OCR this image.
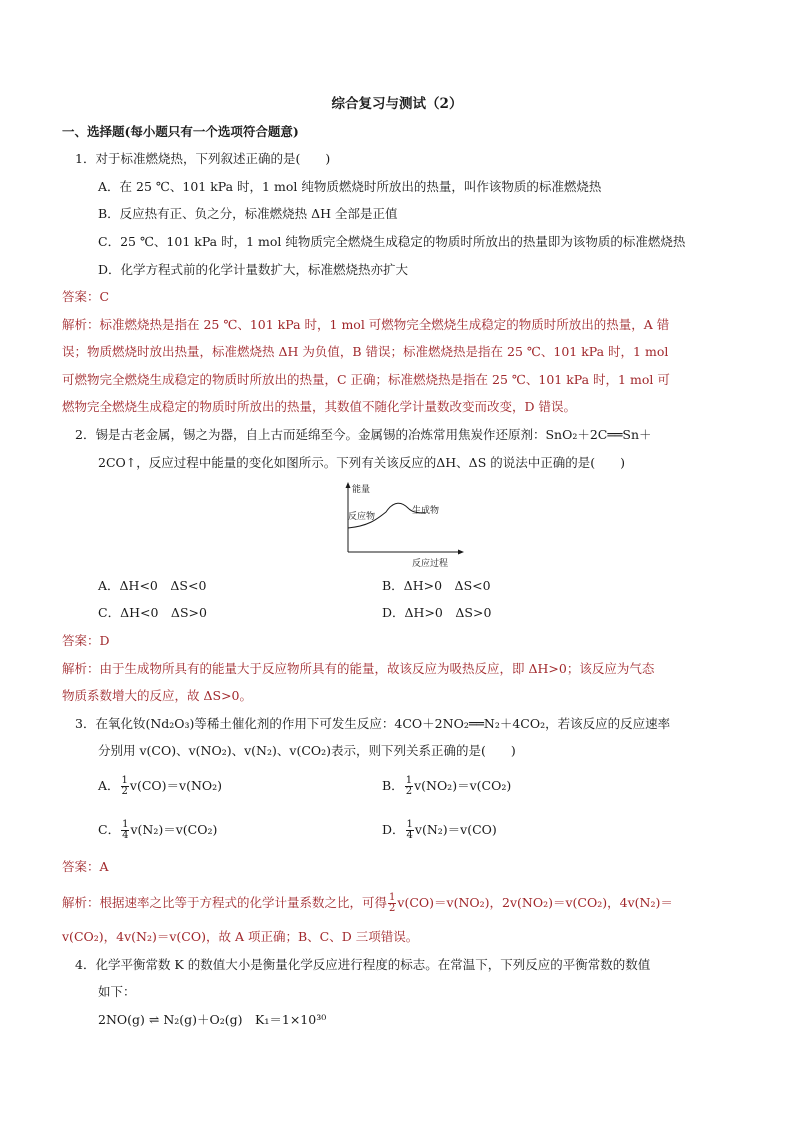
综合复习与测试（2）
一、选择题(每小题只有一个选项符合题意)
1．对于标准燃烧热，下列叙述正确的是(　　)
A．在 25 ℃、101 kPa 时，1 mol 纯物质燃烧时所放出的热量，叫作该物质的标准燃烧热
B．反应热有正、负之分，标准燃烧热 ΔH 全部是正值
C．25 ℃、101 kPa 时，1 mol 纯物质完全燃烧生成稳定的物质时所放出的热量即为该物质的标准燃烧热
D．化学方程式前的化学计量数扩大，标准燃烧热亦扩大
答案：C
解析：标准燃烧热是指在 25 ℃、101 kPa 时，1 mol 可燃物完全燃烧生成稳定的物质时所放出的热量，A 错
误；物质燃烧时放出热量，标准燃烧热 ΔH 为负值，B 错误；标准燃烧热是指在 25 ℃、101 kPa 时，1 mol
可燃物完全燃烧生成稳定的物质时所放出的热量，C 正确；标准燃烧热是指在 25 ℃、101 kPa 时，1 mol 可
燃物完全燃烧生成稳定的物质时所放出的热量，其数值不随化学计量数改变而改变，D 错误。
2．锡是古老金属，锡之为器，自上古而延绵至今。金属锡的冶炼常用焦炭作还原剂：SnO₂＋2C══Sn＋
2CO↑，反应过程中能量的变化如图所示。下列有关该反应的ΔH、ΔS 的说法中正确的是(　　)
能量
反应物
生成物
反应过程
A．ΔH<0　ΔS<0	B．ΔH>0　ΔS<0
C．ΔH<0　ΔS>0	D．ΔH>0　ΔS>0
答案：D
解析：由于生成物所具有的能量大于反应物所具有的能量，故该反应为吸热反应，即 ΔH>0；该反应为气态
物质系数增大的反应，故 ΔS>0。
3．在氧化钕(Nd₂O₃)等稀土催化剂的作用下可发生反应：4CO＋2NO₂══N₂＋4CO₂，若该反应的反应速率
分别用 v(CO)、v(NO₂)、v(N₂)、v(CO₂)表示，则下列关系正确的是(　　)
A． $\frac{1}{2} v(CO)=v(NO_2)$	B． $\frac{1}{2} v(NO_2)=v(CO_2)$
C． $\frac{1}{4} v(N_2)=v(CO_2)$	D． $\frac{1}{4} v(N_2)=v(CO)$
答案：A
解析：根据速率之比等于方程式的化学计量系数之比，可得 $\frac{1}{2} v(CO)=v(NO_2)$，2v(NO₂)＝v(CO₂)，4v(N₂)＝
v(CO₂)，4v(N₂)＝v(CO)，故 A 项正确；B、C、D 三项错误。
4．化学平衡常数 K 的数值大小是衡量化学反应进行程度的标志。在常温下，下列反应的平衡常数的数值
如下：
2NO(g) ⇌ N₂(g)＋O₂(g)　K₁＝1×10³⁰
